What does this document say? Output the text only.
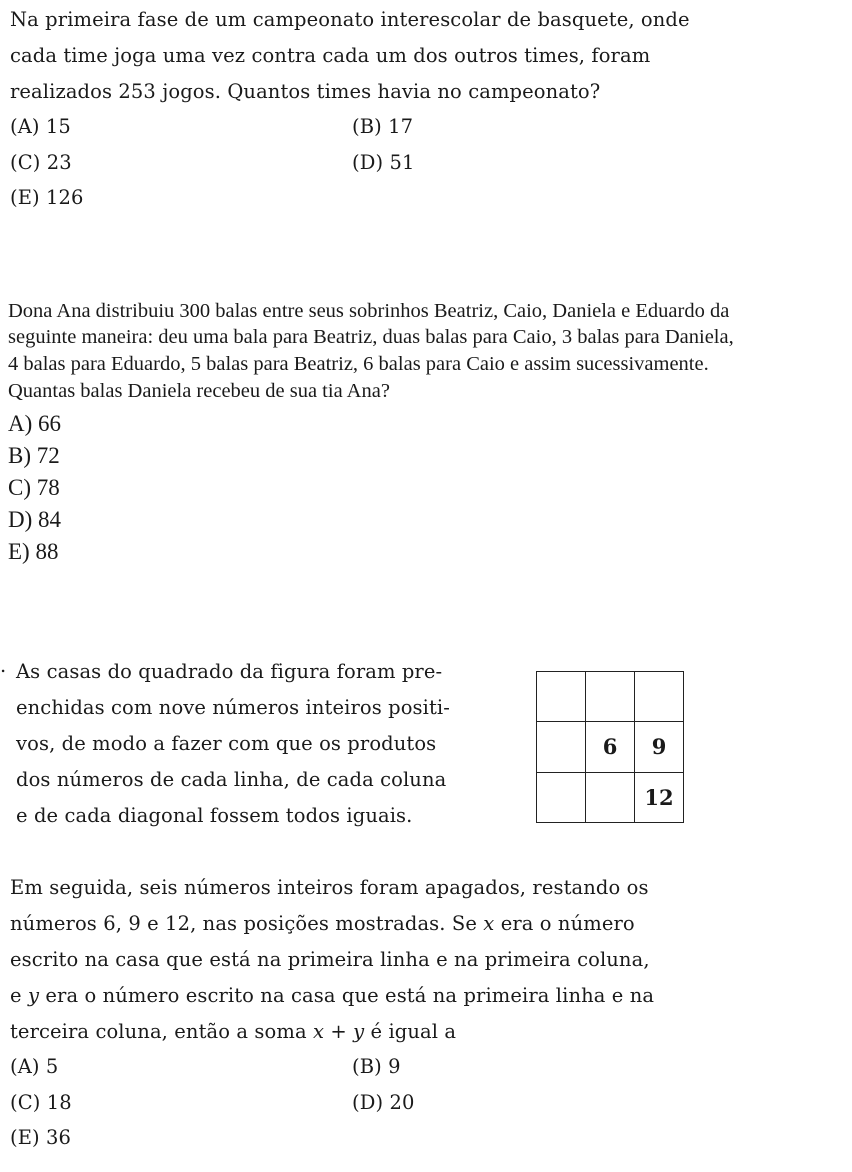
Na primeira fase de um campeonato interescolar de basquete, onde
cada time joga uma vez contra cada um dos outros times, foram
realizados 253 jogos. Quantos times havia no campeonato?
(A) 15	(B) 17
(C) 23	(D) 51
(E) 126
Dona Ana distribuiu 300 balas entre seus sobrinhos Beatriz, Caio, Daniela e Eduardo da
seguinte maneira: deu uma bala para Beatriz, duas balas para Caio, 3 balas para Daniela,
4 balas para Eduardo, 5 balas para Beatriz, 6 balas para Caio e assim sucessivamente.
Quantas balas Daniela recebeu de sua tia Ana?
A) 66
B) 72
C) 78
D) 84
E) 88
. As casas do quadrado da figura foram pre-
enchidas com nove números inteiros positi-
vos, de modo a fazer com que os produtos
dos números de cada linha, de cada coluna
e de cada diagonal fossem todos iguais.

	6	9
		12
Em seguida, seis números inteiros foram apagados, restando os
números 6, 9 e 12, nas posições mostradas. Se x era o número
escrito na casa que está na primeira linha e na primeira coluna,
e y era o número escrito na casa que está na primeira linha e na
terceira coluna, então a soma x + y é igual a
(A) 5	(B) 9
(C) 18	(D) 20
(E) 36
